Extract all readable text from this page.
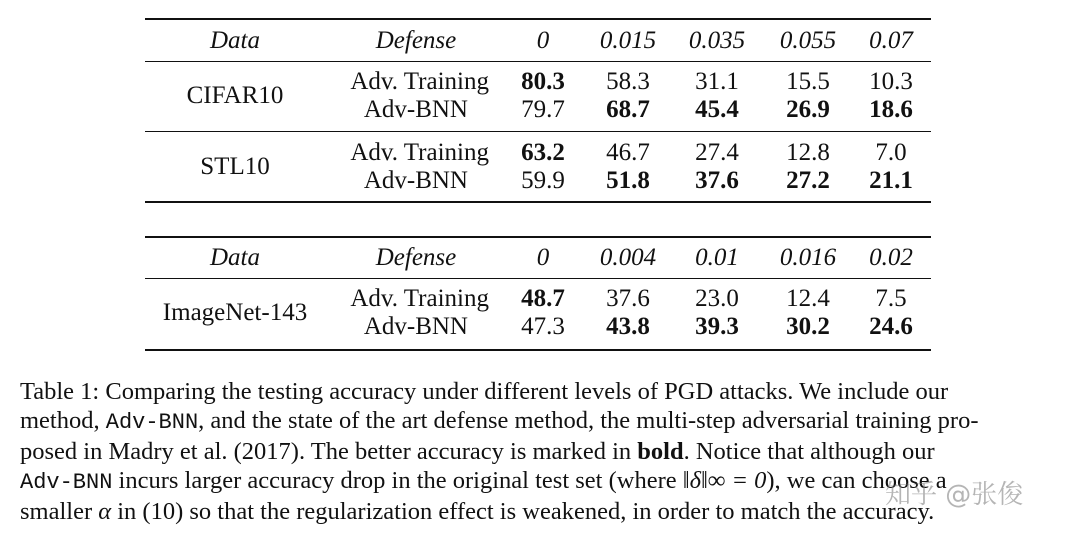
Data	Defense	0 0.015 0.035 0.055 0.07
CIFAR10
Adv. Training 80.3 58.3 31.1 15.5 10.3
Adv-BNN 79.7 68.7 45.4 26.9 18.6
STL10
Adv. Training 63.2 46.7 27.4 12.8 7.0
Adv-BNN 59.9 51.8 37.6 27.2 21.1
Data	Defense	0 0.004 0.01 0.016 0.02
ImageNet-143
Adv. Training 48.7 37.6 23.0 12.4 7.5
Adv-BNN 47.3 43.8 39.3 30.2 24.6
Table 1: Comparing the testing accuracy under different levels of PGD attacks. We include our
method, Adv-BNN, and the state of the art defense method, the multi-step adversarial training pro-
posed in Madry et al. (2017). The better accuracy is marked in bold. Notice that although our
Adv-BNN incurs larger accuracy drop in the original test set (where ‖δ‖∞ = 0), we can choose a
smaller α in (10) so that the regularization effect is weakened, in order to match the accuracy.
知乎 @张俊
